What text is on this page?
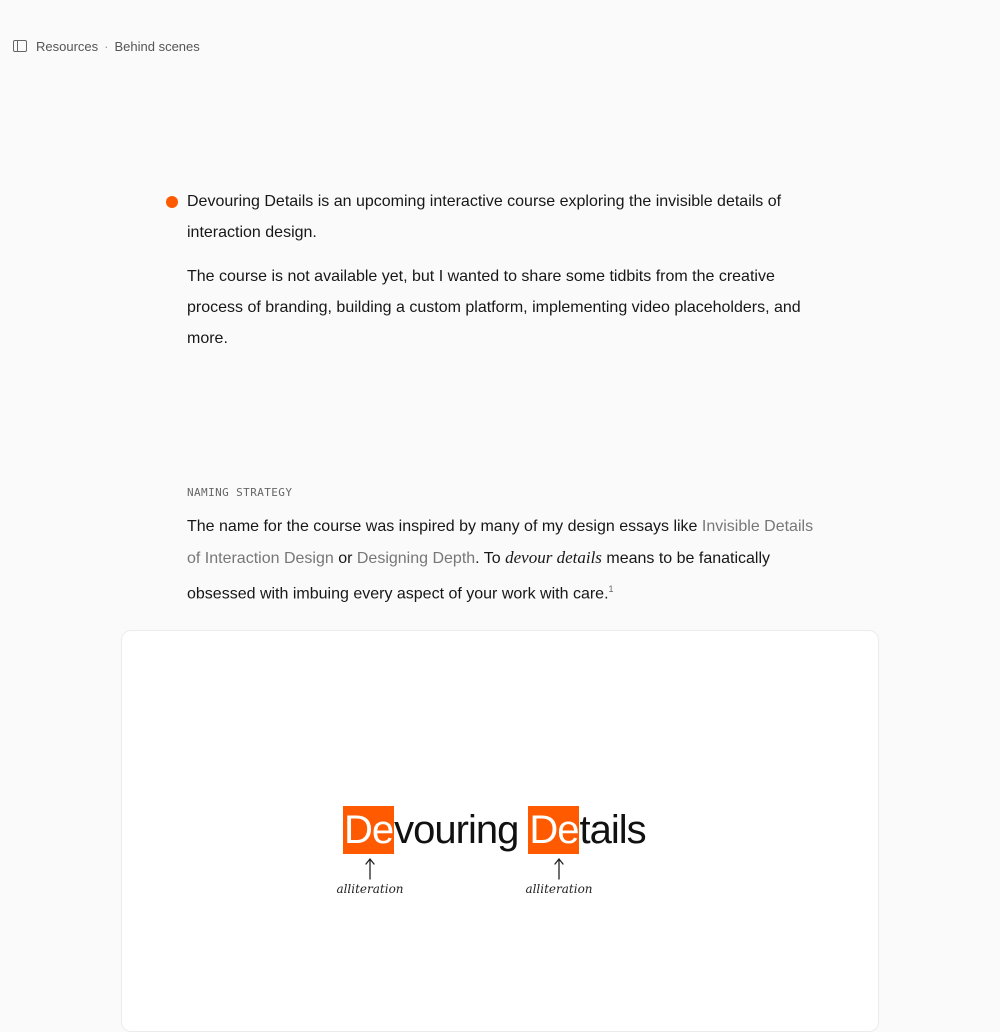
Resources · Behind scenes

Devouring Details is an upcoming interactive course exploring the invisible details of interaction design.

The course is not available yet, but I wanted to share some tidbits from the creative process of branding, building a custom platform, implementing video placeholders, and more.

NAMING STRATEGY

The name for the course was inspired by many of my design essays like Invisible Details of Interaction Design or Designing Depth. To devour details means to be fanatically obsessed with imbuing every aspect of your work with care.$^1$

De vouring De tails
alliteration	alliteration
